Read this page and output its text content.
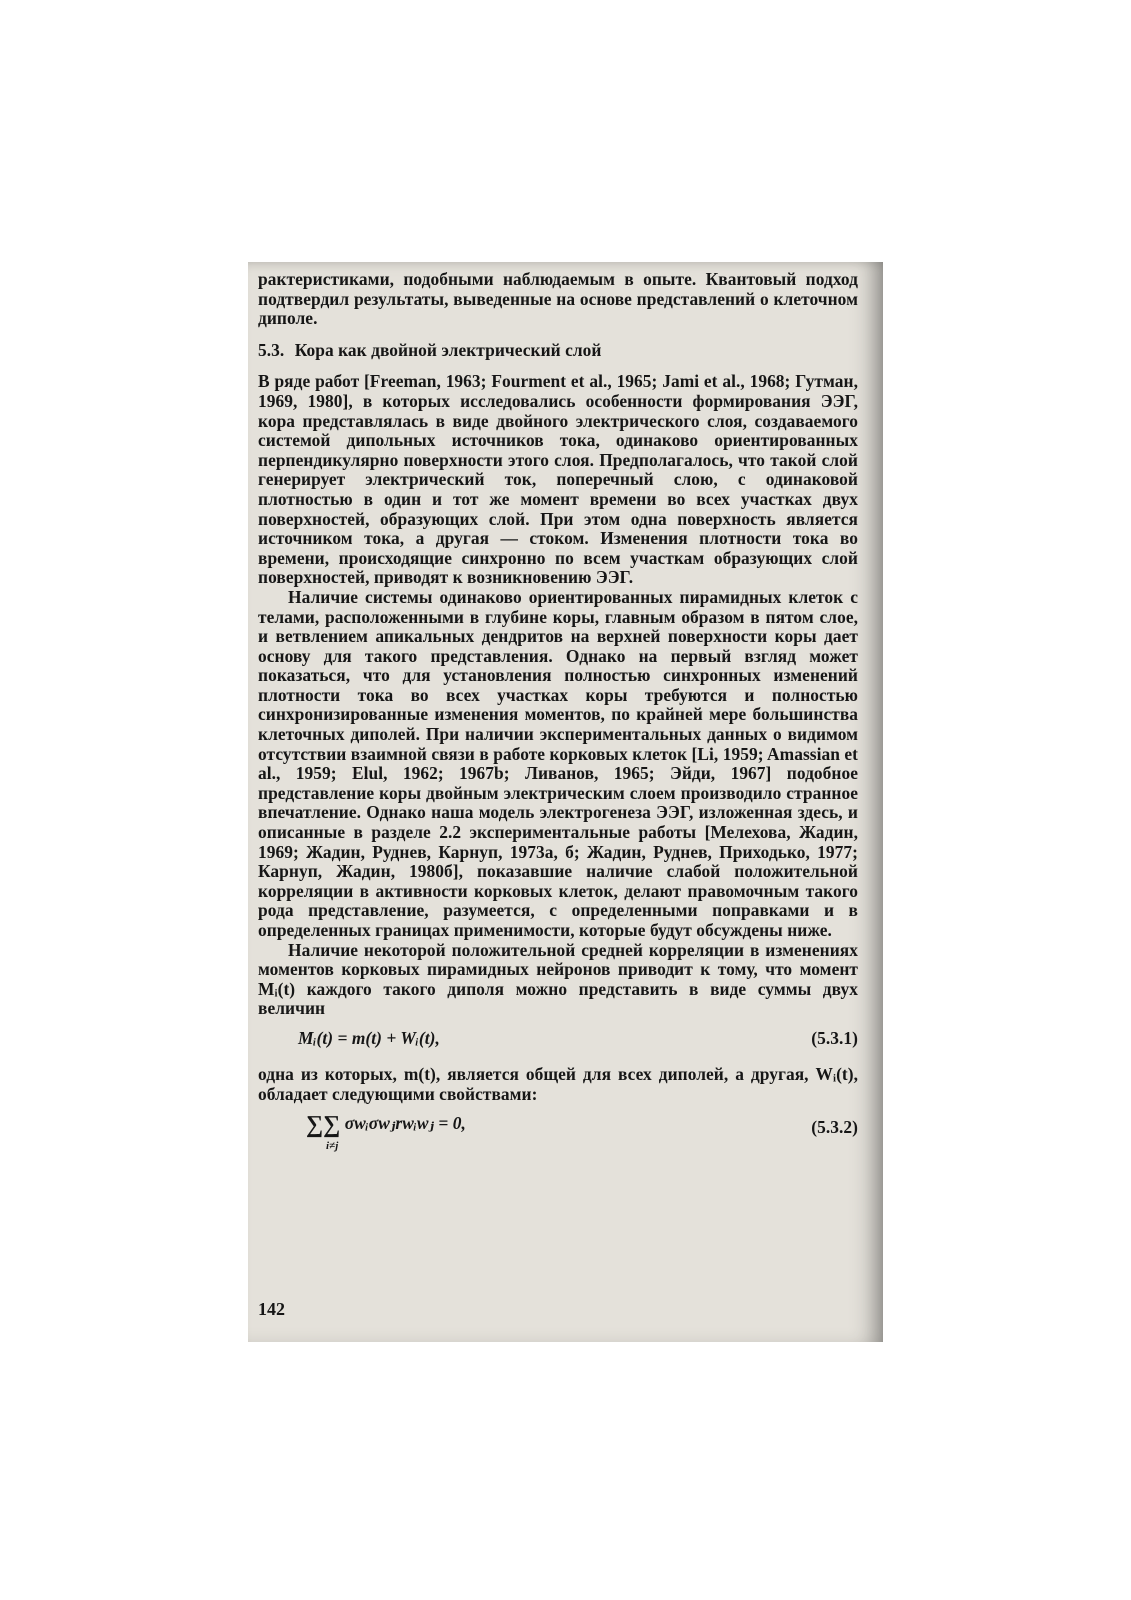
рактеристиками, подобными наблюдаемым в опыте. Квантовый подход подтвердил результаты, выведенные на основе представлений о клеточном диполе.

5.3. Кора как двойной электрический слой

В ряде работ [Freeman, 1963; Fourment et al., 1965; Jami et al., 1968; Гутман, 1969, 1980], в которых исследовались особенности формирования ЭЭГ, кора представлялась в виде двойного электрического слоя, создаваемого системой дипольных источников тока, одинаково ориентированных перпендикулярно поверхности этого слоя. Предполагалось, что такой слой генерирует электрический ток, поперечный слою, с одинаковой плотностью в один и тот же момент времени во всех участках двух поверхностей, образующих слой. При этом одна поверхность является источником тока, а другая — стоком. Изменения плотности тока во времени, происходящие синхронно по всем участкам образующих слой поверхностей, приводят к возникновению ЭЭГ.

Наличие системы одинаково ориентированных пирамидных клеток с телами, расположенными в глубине коры, главным образом в пятом слое, и ветвлением апикальных дендритов на верхней поверхности коры дает основу для такого представления. Однако на первый взгляд может показаться, что для установления полностью синхронных изменений плотности тока во всех участках коры требуются и полностью синхронизированные изменения моментов, по крайней мере большинства клеточных диполей. При наличии экспериментальных данных о видимом отсутствии взаимной связи в работе корковых клеток [Li, 1959; Amassian et al., 1959; Elul, 1962; 1967b; Ливанов, 1965; Эйди, 1967] подобное представление коры двойным электрическим слоем производило странное впечатление. Однако наша модель электрогенеза ЭЭГ, изложенная здесь, и описанные в разделе 2.2 экспериментальные работы [Мелехова, Жадин, 1969; Жадин, Руднев, Карнуп, 1973а, б; Жадин, Руднев, Приходько, 1977; Карнуп, Жадин, 1980б], показавшие наличие слабой положительной корреляции в активности корковых клеток, делают правомочным такого рода представление, разумеется, с определенными поправками и в определенных границах применимости, которые будут обсуждены ниже.

Наличие некоторой положительной средней корреляции в изменениях моментов корковых пирамидных нейронов приводит к тому, что момент Mᵢ(t) каждого такого диполя можно представить в виде суммы двух величин

Mᵢ(t) = m(t) + Wᵢ(t),	(5.3.1)

одна из которых, m(t), является общей для всех диполей, а другая, Wᵢ(t), обладает следующими свойствами:

∑∑ σwᵢσwⱼrwᵢwⱼ = 0,
i≠j
(5.3.2)
142
